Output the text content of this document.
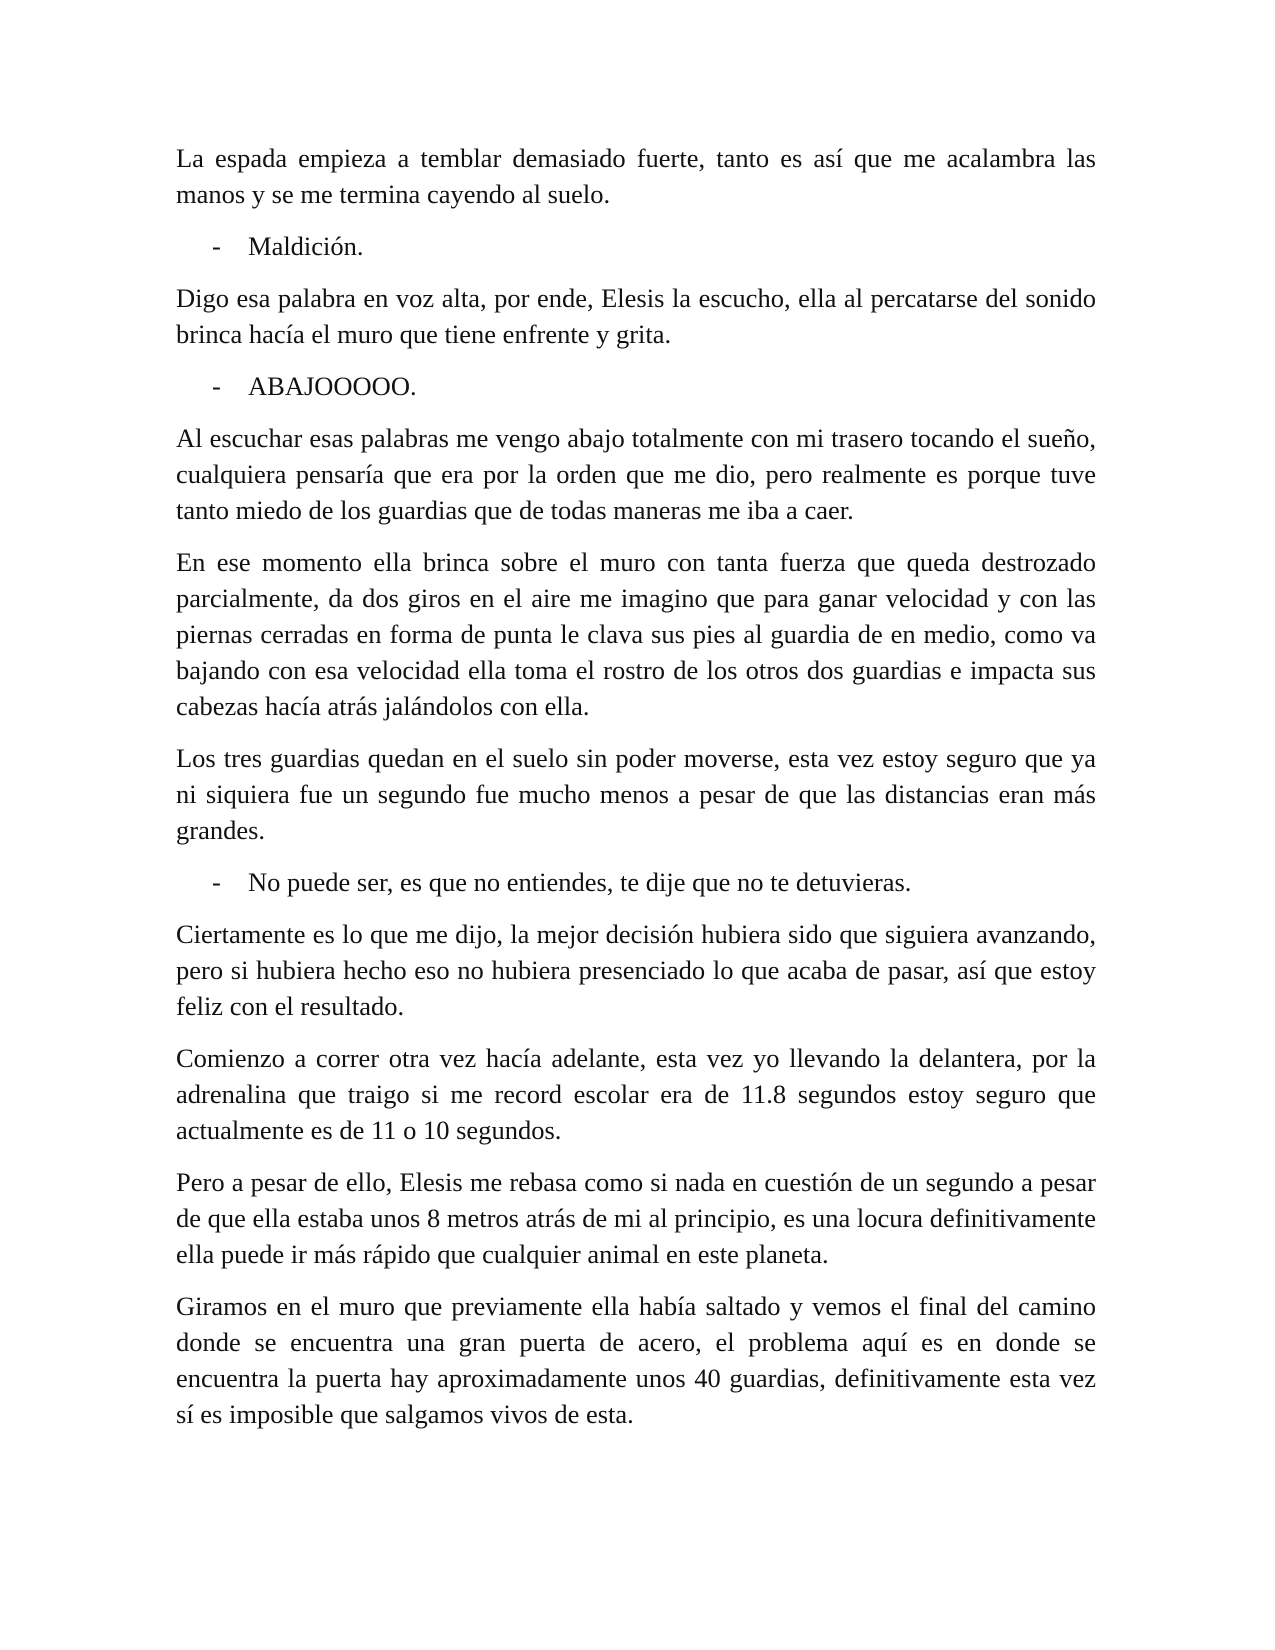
La espada empieza a temblar demasiado fuerte, tanto es así que me acalambra las manos y se me termina cayendo al suelo.

-	Maldición.

Digo esa palabra en voz alta, por ende, Elesis la escucho, ella al percatarse del sonido brinca hacía el muro que tiene enfrente y grita.

-	ABAJOOOOO.

Al escuchar esas palabras me vengo abajo totalmente con mi trasero tocando el sueño, cualquiera pensaría que era por la orden que me dio, pero realmente es porque tuve tanto miedo de los guardias que de todas maneras me iba a caer.

En ese momento ella brinca sobre el muro con tanta fuerza que queda destrozado parcialmente, da dos giros en el aire me imagino que para ganar velocidad y con las piernas cerradas en forma de punta le clava sus pies al guardia de en medio, como va bajando con esa velocidad ella toma el rostro de los otros dos guardias e impacta sus cabezas hacía atrás jalándolos con ella.

Los tres guardias quedan en el suelo sin poder moverse, esta vez estoy seguro que ya ni siquiera fue un segundo fue mucho menos a pesar de que las distancias eran más grandes.

-	No puede ser, es que no entiendes, te dije que no te detuvieras.

Ciertamente es lo que me dijo, la mejor decisión hubiera sido que siguiera avanzando, pero si hubiera hecho eso no hubiera presenciado lo que acaba de pasar, así que estoy feliz con el resultado.

Comienzo a correr otra vez hacía adelante, esta vez yo llevando la delantera, por la adrenalina que traigo si me record escolar era de 11.8 segundos estoy seguro que actualmente es de 11 o 10 segundos.

Pero a pesar de ello, Elesis me rebasa como si nada en cuestión de un segundo a pesar de que ella estaba unos 8 metros atrás de mi al principio, es una locura definitivamente ella puede ir más rápido que cualquier animal en este planeta.

Giramos en el muro que previamente ella había saltado y vemos el final del camino donde se encuentra una gran puerta de acero, el problema aquí es en donde se encuentra la puerta hay aproximadamente unos 40 guardias, definitivamente esta vez sí es imposible que salgamos vivos de esta.
